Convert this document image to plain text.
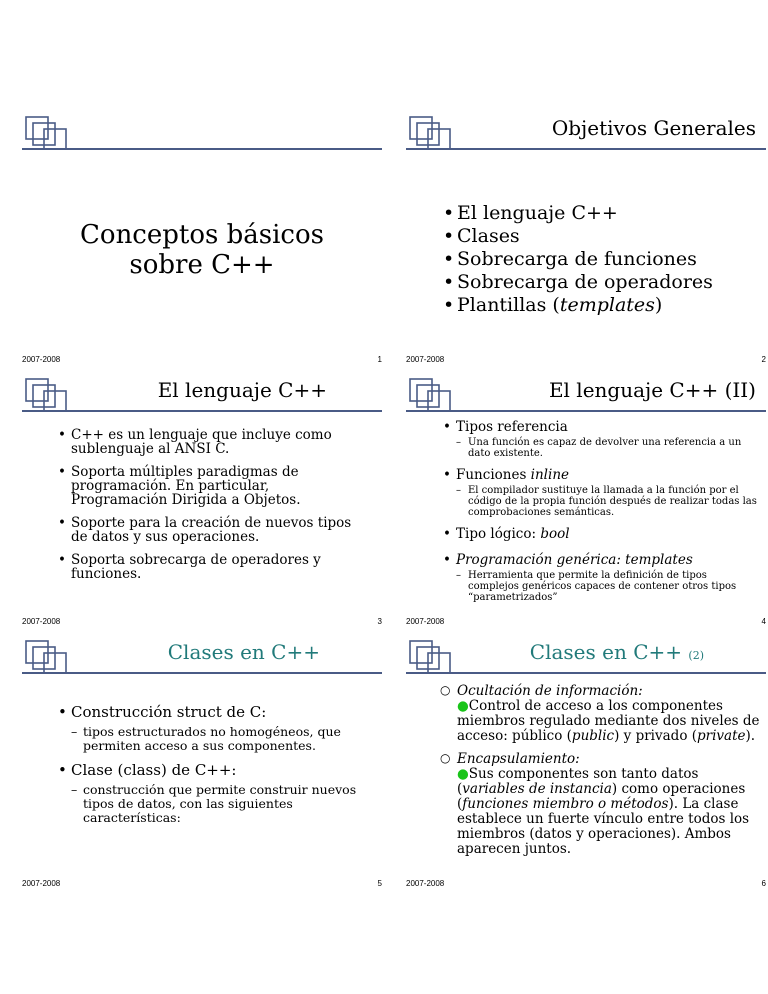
Conceptos básicos
sobre C++
2007-2008	1
Objetivos Generales
• El lenguaje C++
• Clases
• Sobrecarga de funciones
• Sobrecarga de operadores
• Plantillas (templates)
2007-2008	2
El lenguaje C++
• C++ es un lenguaje que incluye como sublenguaje al ANSI C.
• Soporta múltiples paradigmas de programación. En particular, Programación Dirigida a Objetos.
• Soporte para la creación de nuevos tipos de datos y sus operaciones.
• Soporta sobrecarga de operadores y funciones.
2007-2008	3
El lenguaje C++ (II)
• Tipos referencia
– Una función es capaz de devolver una referencia a un dato existente.
• Funciones inline
– El compilador sustituye la llamada a la función por el código de la propia función después de realizar todas las comprobaciones semánticas.
• Tipo lógico: bool
• Programación genérica: templates
– Herramienta que permite la definición de tipos complejos genéricos capaces de contener otros tipos “parametrizados”
2007-2008	4
Clases en C++
• Construcción struct de C:
– tipos estructurados no homogéneos, que permiten acceso a sus componentes.
• Clase (class) de C++:
– construcción que permite construir nuevos tipos de datos, con las siguientes características:
2007-2008	5
Clases en C++ (2)
○ Ocultación de información:
●Control de acceso a los componentes miembros regulado mediante dos niveles de acceso: público (public) y privado (private).
○ Encapsulamiento:
●Sus componentes son tanto datos (variables de instancia) como operaciones (funciones miembro o métodos). La clase establece un fuerte vínculo entre todos los miembros (datos y operaciones). Ambos aparecen juntos.
2007-2008	6
